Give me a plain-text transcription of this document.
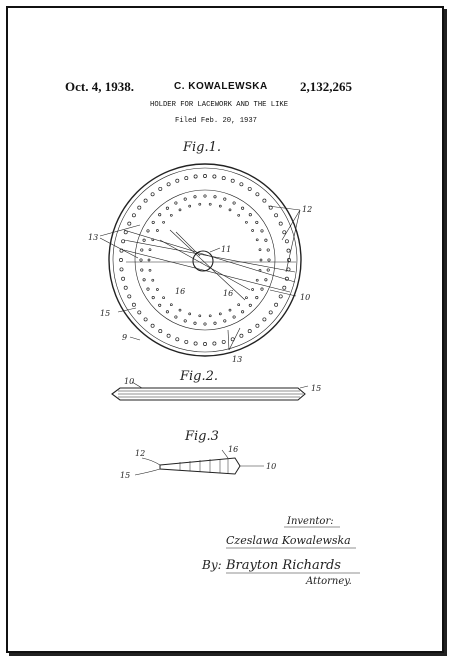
Oct. 4, 1938.	C. KOWALEWSKA 2,132,265
HOLDER FOR LACEWORK AND THE LIKE
Filed Feb. 20, 1937
Fig.1.
Fig.2.
Fig.3
11
12
13
13
15
16	16	10
9
10
15
12	16
15
10
Inventor:
Czeslawa Kowalewska
By: Brayton Richards
Attorney.
